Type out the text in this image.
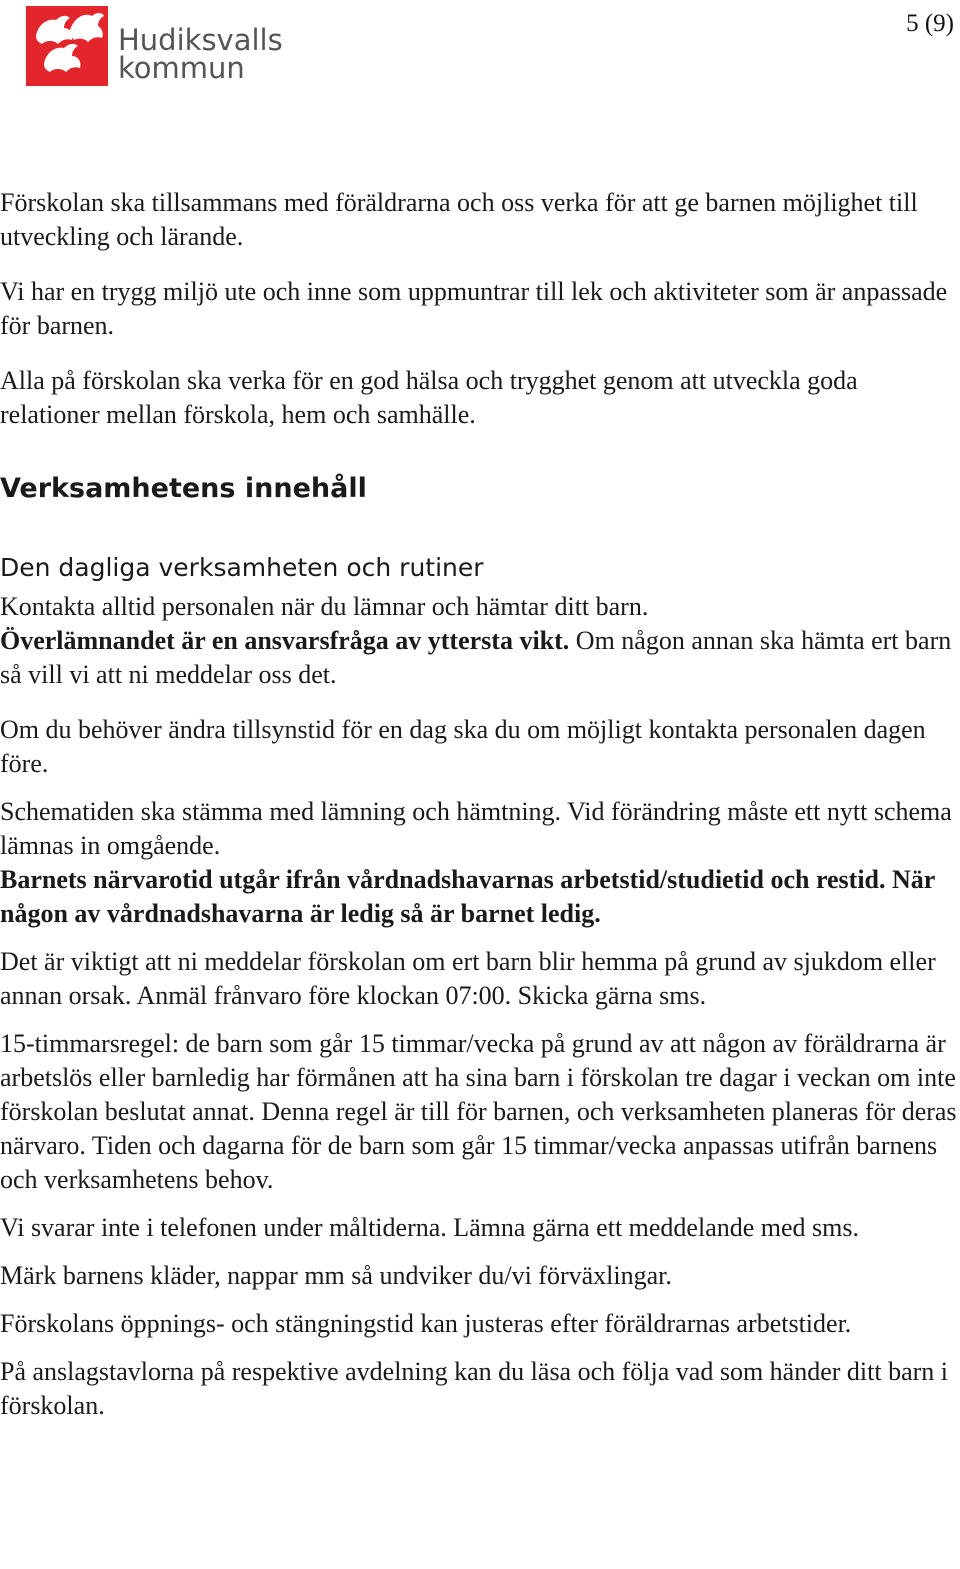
Hudiksvalls
kommun
5 (9)

Förskolan ska tillsammans med föräldrarna och oss verka för att ge barnen möjlighet till utveckling och lärande.

Vi har en trygg miljö ute och inne som uppmuntrar till lek och aktiviteter som är anpassade för barnen.

Alla på förskolan ska verka för en god hälsa och trygghet genom att utveckla goda relationer mellan förskola, hem och samhälle.

Verksamhetens innehåll
Den dagliga verksamheten och rutiner

Kontakta alltid personalen när du lämnar och hämtar ditt barn.
Överlämnandet är en ansvarsfråga av yttersta vikt. Om någon annan ska hämta ert barn så vill vi att ni meddelar oss det.

Om du behöver ändra tillsynstid för en dag ska du om möjligt kontakta personalen dagen före.

Schematiden ska stämma med lämning och hämtning. Vid förändring måste ett nytt schema lämnas in omgående.

Barnets närvarotid utgår ifrån vårdnadshavarnas arbetstid/studietid och restid. När någon av vårdnadshavarna är ledig så är barnet ledig.

Det är viktigt att ni meddelar förskolan om ert barn blir hemma på grund av sjukdom eller annan orsak. Anmäl frånvaro före klockan 07:00. Skicka gärna sms.

15-timmarsregel: de barn som går 15 timmar/vecka på grund av att någon av föräldrarna är arbetslös eller barnledig har förmånen att ha sina barn i förskolan tre dagar i veckan om inte förskolan beslutat annat. Denna regel är till för barnen, och verksamheten planeras för deras närvaro. Tiden och dagarna för de barn som går 15 timmar/vecka anpassas utifrån barnens och verksamhetens behov.

Vi svarar inte i telefonen under måltiderna. Lämna gärna ett meddelande med sms.

Märk barnens kläder, nappar mm så undviker du/vi förväxlingar.

Förskolans öppnings- och stängningstid kan justeras efter föräldrarnas arbetstider.

På anslagstavlorna på respektive avdelning kan du läsa och följa vad som händer ditt barn i förskolan.
